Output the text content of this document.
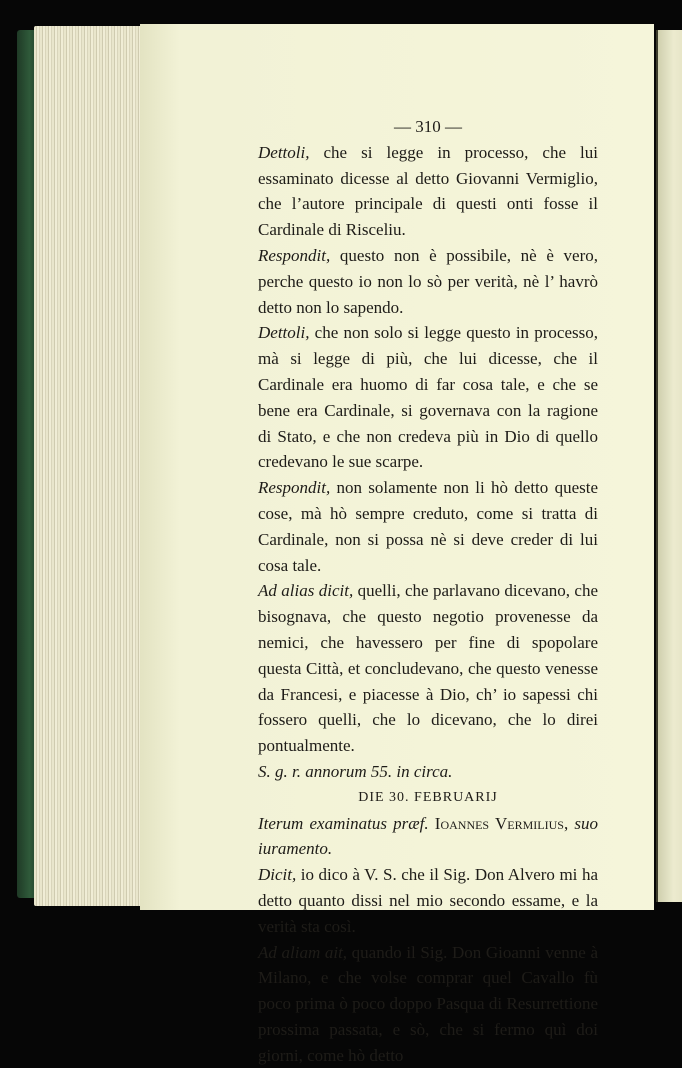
— 310 —

Dettoli, che si legge in processo, che lui essaminato dicesse al detto Giovanni Vermiglio, che l’autore principale di questi onti fosse il Cardinale di Risceliu.

Respondit, questo non è possibile, nè è vero, perche questo io non lo sò per verità, nè l’ havrò detto non lo sapendo.

Dettoli, che non solo si legge questo in processo, mà si legge di più, che lui dicesse, che il Cardinale era huomo di far cosa tale, e che se bene era Cardinale, si governava con la ragione di Stato, e che non credeva più in Dio di quello credevano le sue scarpe.

Respondit, non solamente non li hò detto queste cose, mà hò sempre creduto, come si tratta di Cardinale, non si possa nè si deve creder di lui cosa tale.

Ad alias dicit, quelli, che parlavano dicevano, che bisognava, che questo negotio provenesse da nemici, che havessero per fine di spopolare questa Città, et concludevano, che questo venesse da Francesi, e piacesse à Dio, ch’ io sapessi chi fossero quelli, che lo dicevano, che lo direi pontualmente.

S. g. r. annorum 55. in circa.

DIE 30. FEBRUARIJ

Iterum examinatus præf. Ioannes Vermilius, suo iuramento.

Dicit, io dico à V. S. che il Sig. Don Alvero mi ha detto quanto dissi nel mio secondo essame, e la verità sta così.

Ad aliam ait, quando il Sig. Don Gioanni venne à Milano, e che volse comprar quel Cavallo fù poco prima ò poco doppo Pasqua di Resurrettione prossima passata, e sò, che si fermo quì doi giorni, come hò detto
